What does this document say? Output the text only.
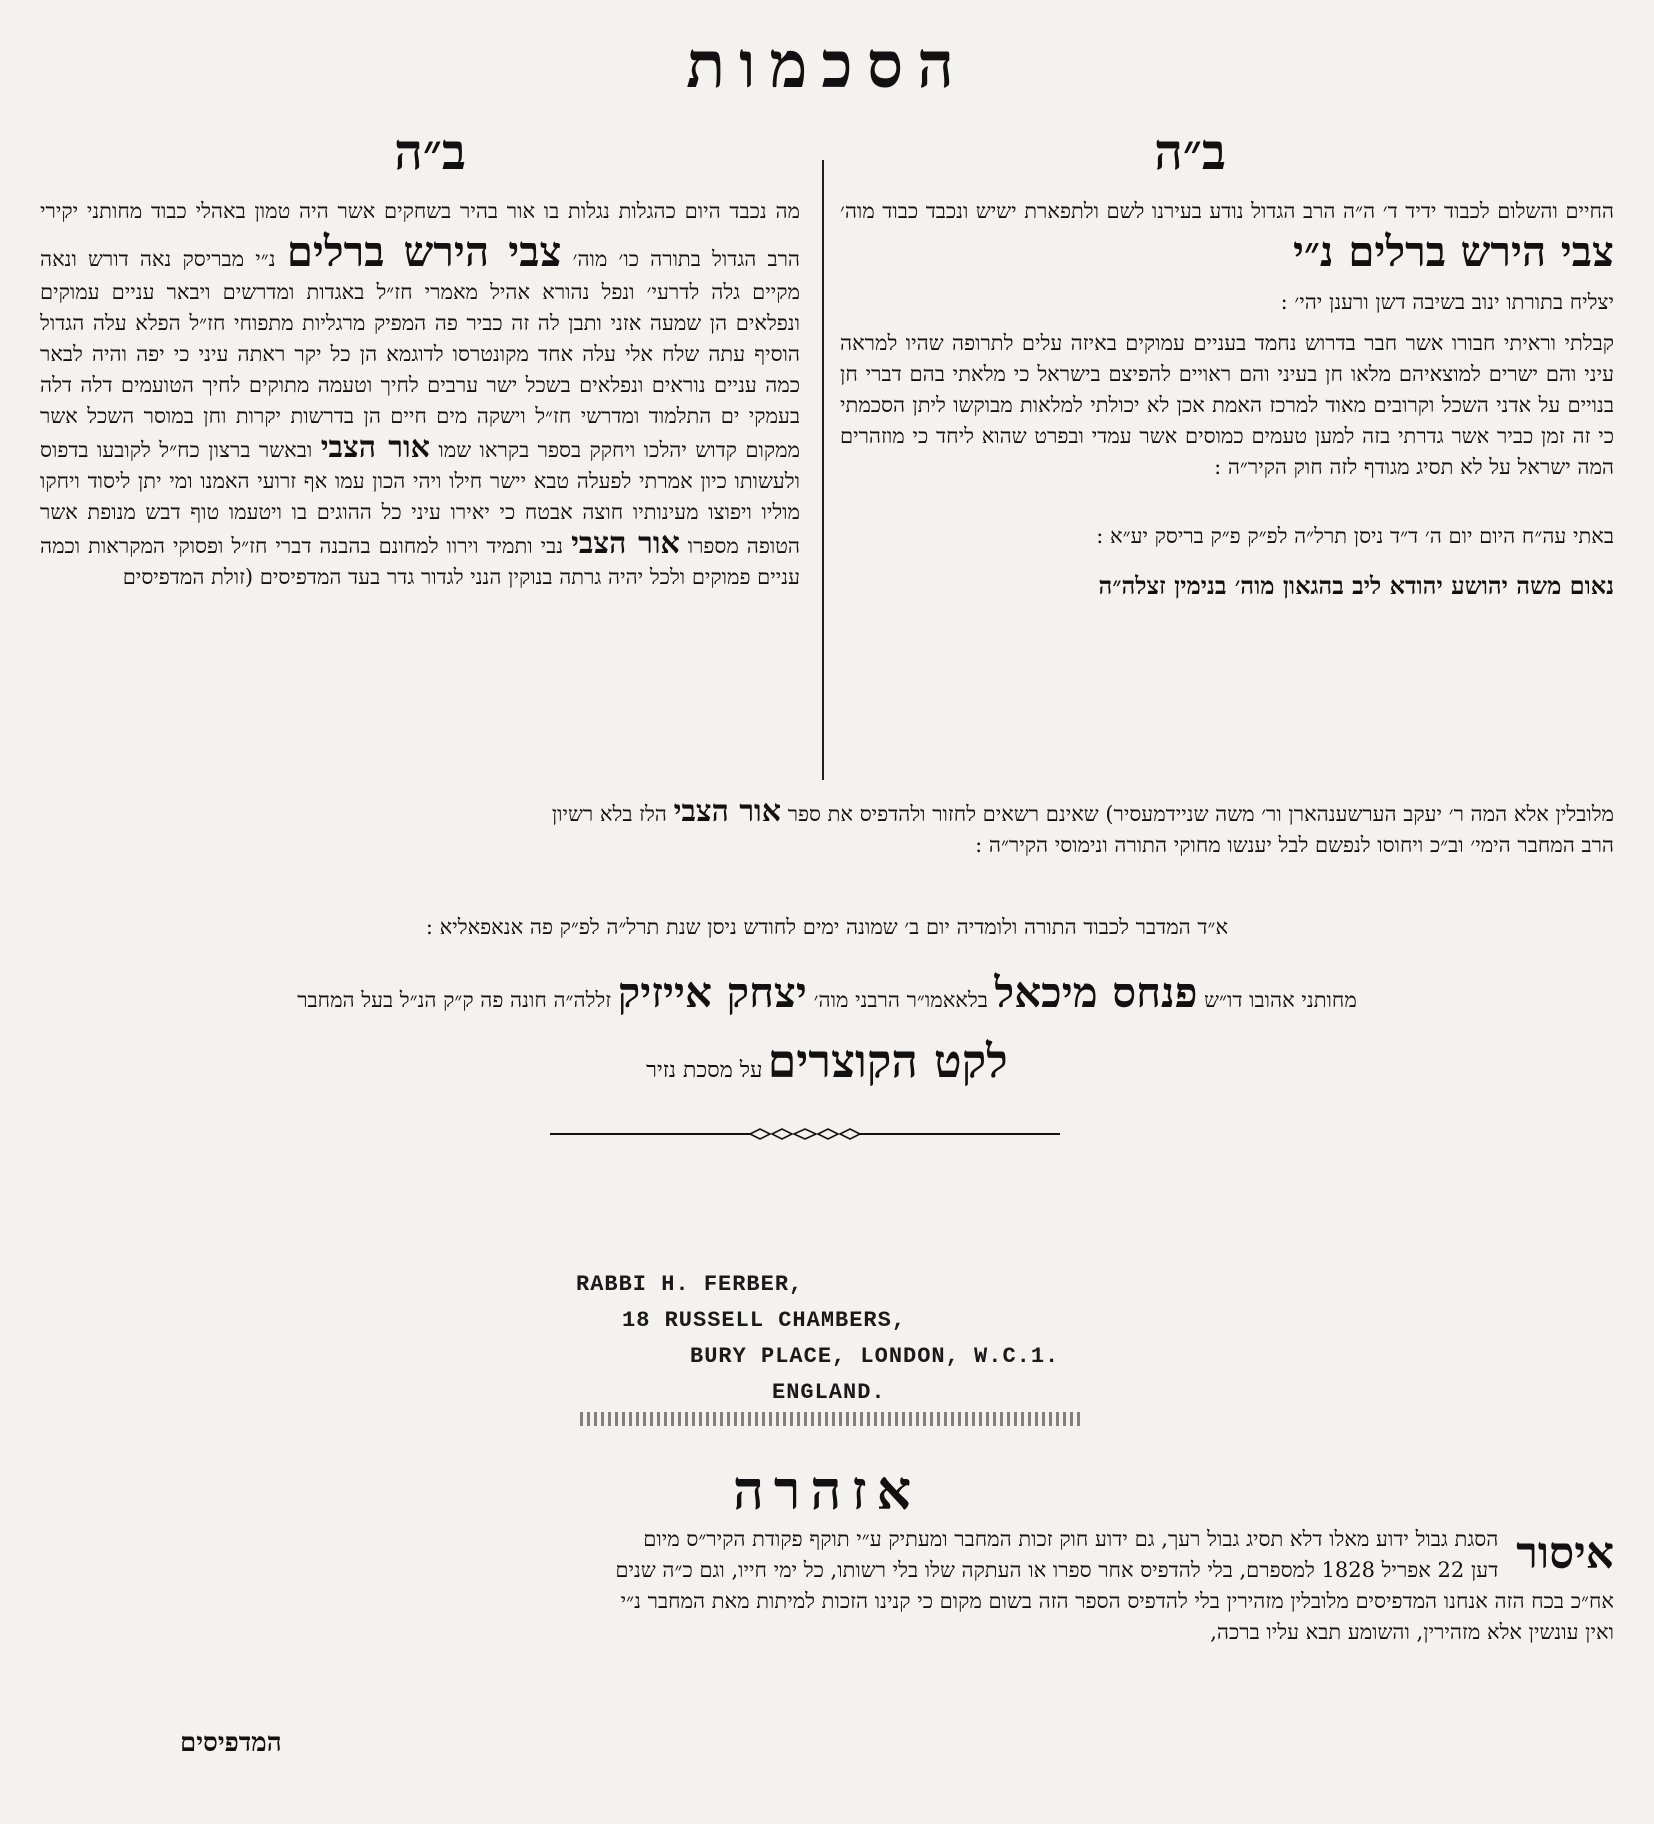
הסכמות
ב״ה
ב״ה
החיים והשלום לכבוד ידיד ד׳ ה״ה הרב הגדול נודע בעירנו לשם ולתפארת ישיש ונכבד כבוד מוה׳ צבי הירש ברלים נ״י
יצליח בתורתו ינוב בשיבה דשן ורענן יהי׳ :
קבלתי וראיתי חבורו אשר חבר בדרוש נחמד בעניים עמוקים באיזה עלים לתרופה שהיו למראה עיני והם ישרים למוצאיהם מלאו חן בעיני והם ראויים להפיצם בישראל כי מלאתי בהם דברי חן בנויים על אדני השכל וקרובים מאוד למרכז האמת אכן לא יכולתי למלאות מבוקשו ליתן הסכמתי כי זה זמן כביר אשר גדרתי בזה למען טעמים כמוסים אשר עמדי ובפרט שהוא ליחד כי מוזהרים המה ישראל על לא תסיג מגודף לזה חוק הקיר״ה :
באתי עה״ח היום יום ה׳ ד״ד ניסן תרל״ה לפ״ק פ״ק בריסק יע״א :
נאום משה יהושע יהודא ליב בהגאון מוה׳ בנימין זצלה״ה
מה נכבד היום כהגלות נגלות בו אור בהיר בשחקים אשר היה טמון באהלי כבוד מחותני יקירי הרב הגדול בתורה כו׳ מוה׳ צבי הירש ברלים נ״י מבריסק נאה דורש ונאה מקיים גלה לדרעי׳ ונפל נהורא אהיל מאמרי חז״ל באגדות ומדרשים ויבאר עניים עמוקים ונפלאים הן שמעה אזני ותבן לה זה כביר פה המפיק מרגליות מתפוחי חז״ל הפלא עלה הגדול הוסיף עתה שלח אלי עלה אחד מקונטרסו לדוגמא הן כל יקר ראתה עיני כי יפה והיה לבאר כמה עניים נוראים ונפלאים בשכל ישר ערבים לחיך וטעמה מתוקים לחיך הטועמים דלה דלה בעמקי ים התלמוד ומדרשי חז״ל וישקה מים חיים הן בדרשות יקרות וחן במוסר השכל אשר ממקום קדוש יהלכו ויחקק בספר בקראו שמו אור הצבי ובאשר ברצון כח״ל לקובעו בדפוס ולעשותו כיון אמרתי לפעלה טבא יישר חילו ויהי הכון עמו אף זרועי האמנו ומי יתן ליסוד ויחקו מוליו ויפוצו מעינותיו חוצה אבטח כי יאירו עיני כל ההוגים בו ויטעמו טוף דבש מנופת אשר הטופה מספרו אור הצבי נבי ותמיד וירוו למחונם בהבנה דברי חז״ל ופסוקי המקראות וכמה עניים פמוקים ולכל יהיה גרתה בנוקין הנני לגדור גדר בעד המדפיסים (זולת המדפיסים
מלובלין אלא המה ר׳ יעקב הערשענהארן ור׳ משה שניידמעסיר) שאינם רשאים לחזור ולהדפיס את ספר אור הצבי הלז בלא רשיון
הרב המחבר הימי׳ וב״כ ויחוסו לנפשם לבל יענשו מחוקי התורה ונימוסי הקיר״ה :
א״ד המדבר לכבוד התורה ולומדיה יום ב׳ שמונה ימים לחודש ניסן שנת תרל״ה לפ״ק פה אנאפאליא :
מחותני אהובו דו״ש פנחס מיכאל בלאאמו״ר הרבני מוה׳ יצחק אייזיק זללה״ה חונה פה ק״ק הנ״ל בעל המחבר
לקט הקוצרים על מסכת נזיר
RABBI H. FERBER,
18 RUSSELL CHAMBERS,
BURY PLACE, LONDON, W.C.1.
ENGLAND.
אזהרה
איסור
הסגת גבול ידוע מאלו דלא תסיג גבול רעך, גם ידוע חוק זכות המחבר ומעתיק ע״י תוקף פקודת הקיר״ס מיום
דען 22 אפריל 1828 למספרם, בלי להדפיס אחר ספרו או העתקה שלו בלי רשותו, כל ימי חייו, וגם כ״ה שנים
אח״כ בכח הזה אנחנו המדפיסים מלובלין מזהירין בלי להדפיס הספר הזה בשום מקום כי קנינו הזכות למיתות מאת המחבר נ״י
ואין עונשין אלא מזהירין, והשומע תבא עליו ברכה,
המדפיסים
